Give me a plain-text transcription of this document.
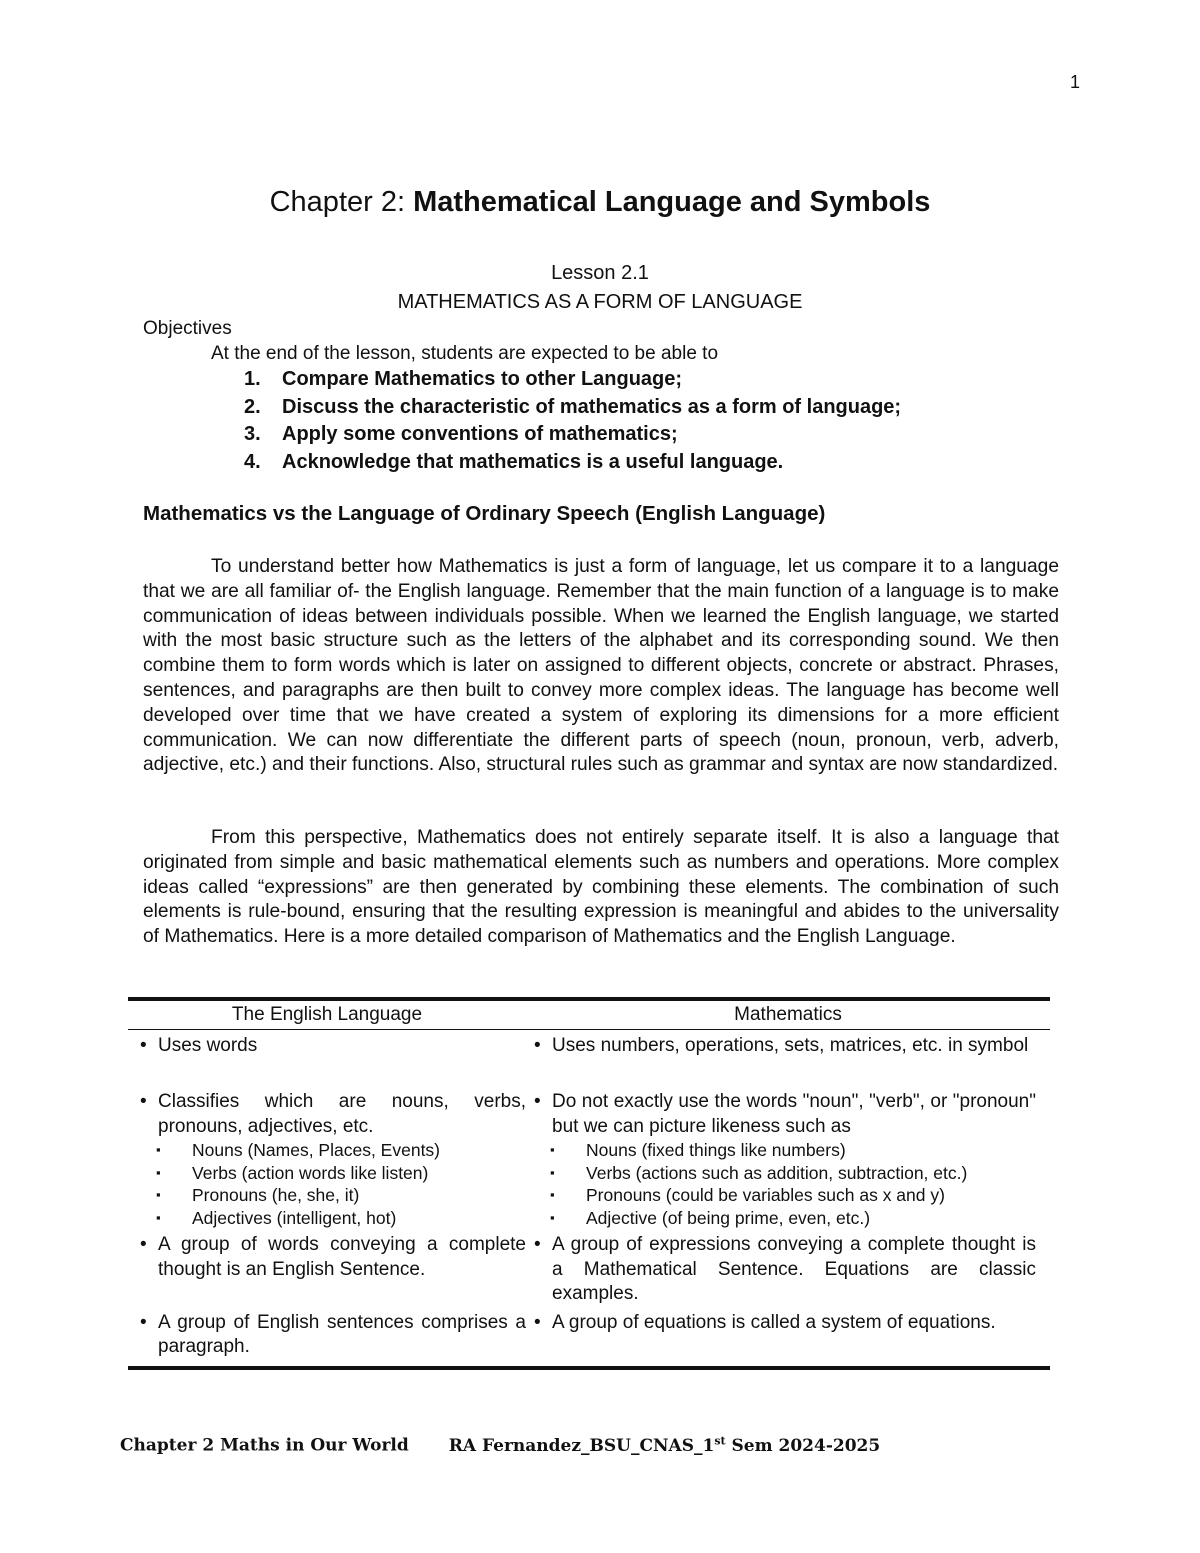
1
Chapter 2: Mathematical Language and Symbols
Lesson 2.1
MATHEMATICS AS A FORM OF LANGUAGE
Objectives
At the end of the lesson, students are expected to be able to
1. Compare Mathematics to other Language;
2. Discuss the characteristic of mathematics as a form of language;
3. Apply some conventions of mathematics;
4. Acknowledge that mathematics is a useful language.
Mathematics vs the Language of Ordinary Speech (English Language)

To understand better how Mathematics is just a form of language, let us compare it to a language that we are all familiar of- the English language. Remember that the main function of a language is to make communication of ideas between individuals possible. When we learned the English language, we started with the most basic structure such as the letters of the alphabet and its corresponding sound. We then combine them to form words which is later on assigned to different objects, concrete or abstract. Phrases, sentences, and paragraphs are then built to convey more complex ideas. The language has become well developed over time that we have created a system of exploring its dimensions for a more efficient communication. We can now differentiate the different parts of speech (noun, pronoun, verb, adverb, adjective, etc.) and their functions. Also, structural rules such as grammar and syntax are now standardized.

From this perspective, Mathematics does not entirely separate itself. It is also a language that originated from simple and basic mathematical elements such as numbers and operations. More complex ideas called “expressions” are then generated by combining these elements. The combination of such elements is rule-bound, ensuring that the resulting expression is meaningful and abides to the universality of Mathematics. Here is a more detailed comparison of Mathematics and the English Language.

The English Language	Mathematics
• Uses words
•	Uses numbers, operations, sets, matrices, etc. in symbol
• Classifies which are nouns, verbs, pronouns, adjectives, etc.
▪ Nouns (Names, Places, Events)
▪ Verbs (action words like listen)
▪ Pronouns (he, she, it)
▪ Adjectives (intelligent, hot)
• Do not exactly use the words "noun", "verb", or "pronoun" but we can picture likeness such as
▪ Nouns (fixed things like numbers)
▪ Verbs (actions such as addition, subtraction, etc.)
▪ Pronouns (could be variables such as x and y)
▪ Adjective (of being prime, even, etc.)
• A group of words conveying a complete thought is an English Sentence.
• A group of expressions conveying a complete thought is a Mathematical Sentence. Equations are classic examples.
• A group of English sentences comprises a paragraph.
• A group of equations is called a system of equations.
Chapter 2 Maths in Our World RA Fernandez_BSU_CNAS_1st Sem 2024-2025
